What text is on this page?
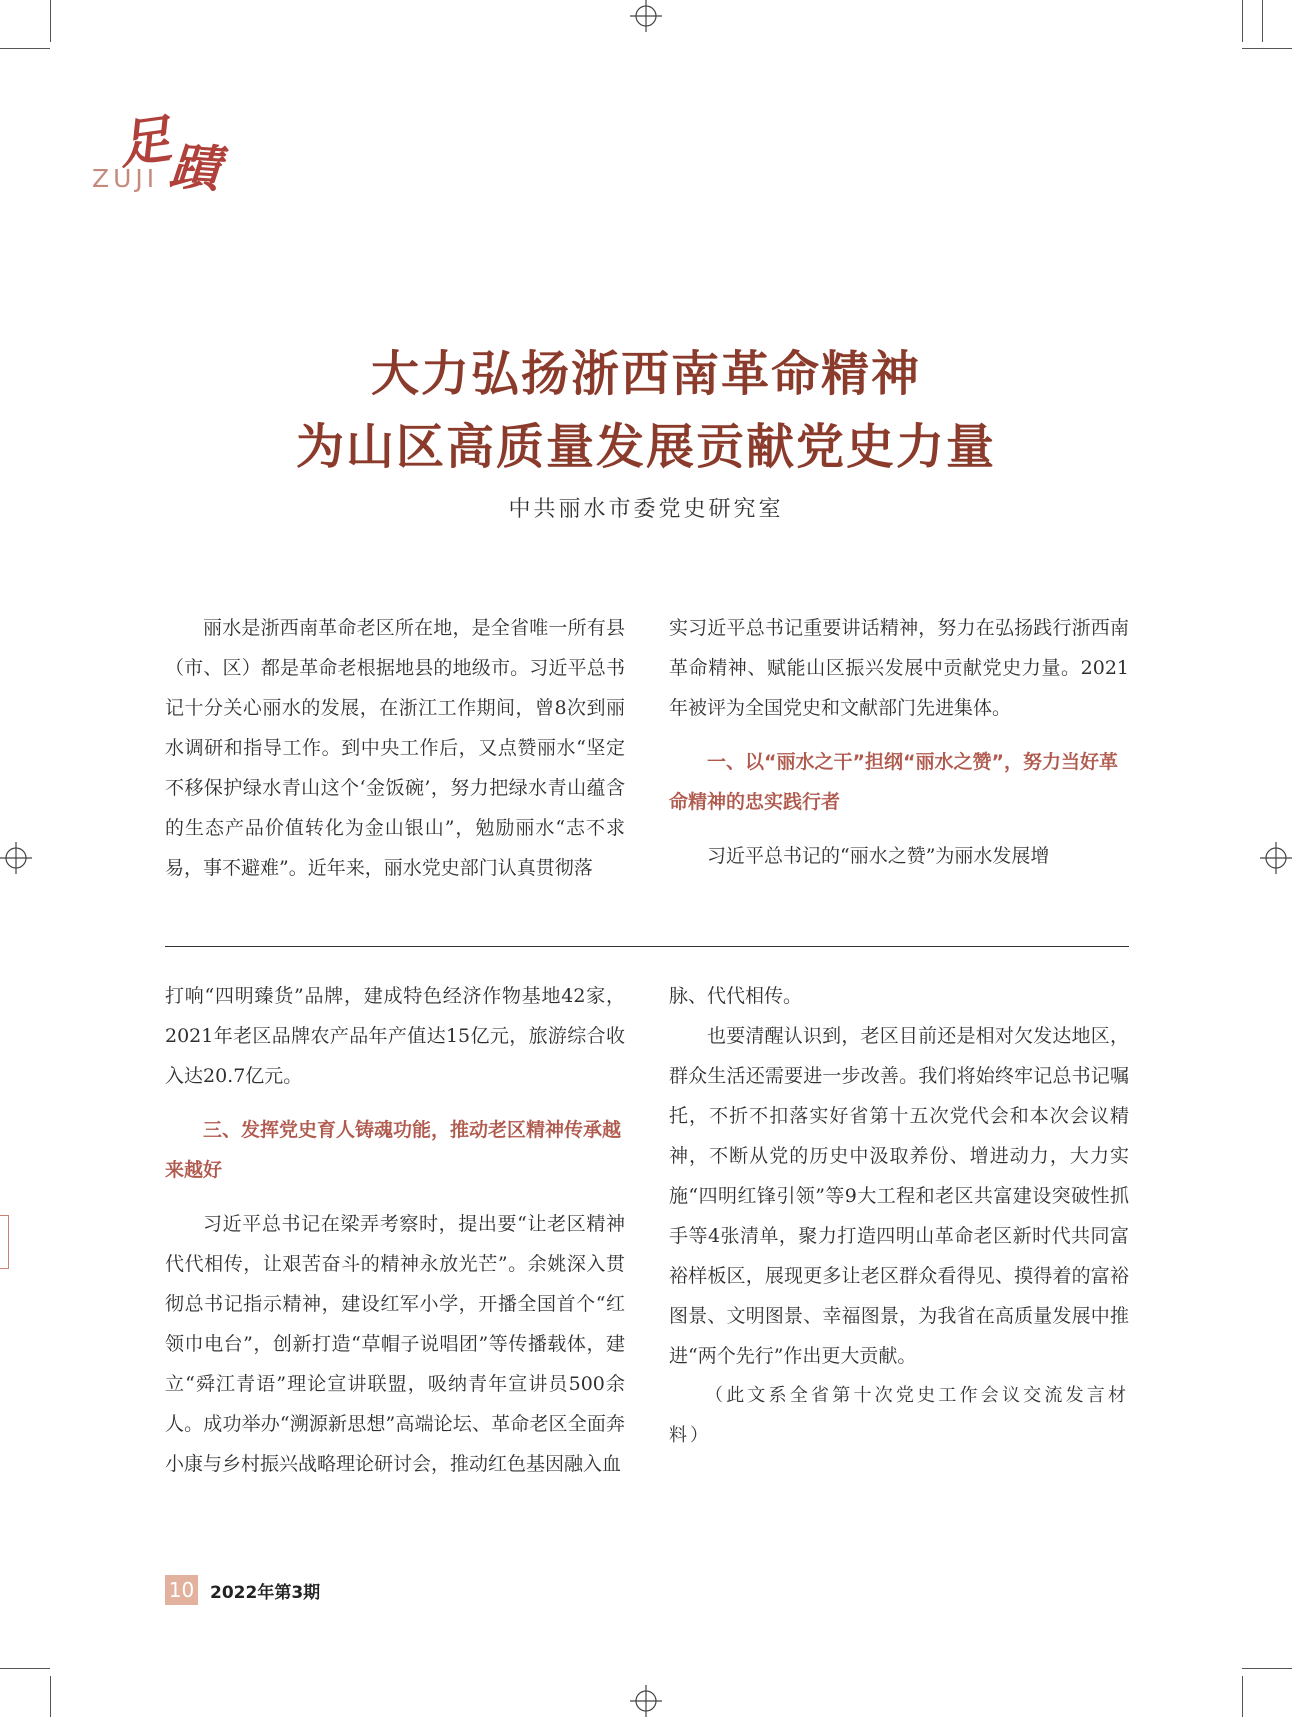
足
蹟
ZUJI
大力弘扬浙西南革命精神
为山区高质量发展贡献党史力量
中共丽水市委党史研究室

丽水是浙西南革命老区所在地，是全省唯一所有县（市、区）都是革命老根据地县的地级市。习近平总书记十分关心丽水的发展，在浙江工作期间，曾8次到丽水调研和指导工作。到中央工作后，又点赞丽水“坚定不移保护绿水青山这个‘金饭碗’，努力把绿水青山蕴含的生态产品价值转化为金山银山”，勉励丽水“志不求易，事不避难”。近年来，丽水党史部门认真贯彻落

实习近平总书记重要讲话精神，努力在弘扬践行浙西南革命精神、赋能山区振兴发展中贡献党史力量。2021年被评为全国党史和文献部门先进集体。

一、以“丽水之干”担纲“丽水之赞”，努力当好革命精神的忠实践行者

习近平总书记的“丽水之赞”为丽水发展增

打响“四明臻货”品牌，建成特色经济作物基地42家，2021年老区品牌农产品年产值达15亿元，旅游综合收入达20.7亿元。

三、发挥党史育人铸魂功能，推动老区精神传承越来越好

习近平总书记在梁弄考察时，提出要“让老区精神代代相传，让艰苦奋斗的精神永放光芒”。余姚深入贯彻总书记指示精神，建设红军小学，开播全国首个“红领巾电台”，创新打造“草帽子说唱团”等传播载体，建立“舜江青语”理论宣讲联盟，吸纳青年宣讲员500余人。成功举办“溯源新思想”高端论坛、革命老区全面奔小康与乡村振兴战略理论研讨会，推动红色基因融入血

脉、代代相传。

也要清醒认识到，老区目前还是相对欠发达地区，群众生活还需要进一步改善。我们将始终牢记总书记嘱托，不折不扣落实好省第十五次党代会和本次会议精神，不断从党的历史中汲取养份、增进动力，大力实施“四明红锋引领”等9大工程和老区共富建设突破性抓手等4张清单，聚力打造四明山革命老区新时代共同富裕样板区，展现更多让老区群众看得见、摸得着的富裕图景、文明图景、幸福图景，为我省在高质量发展中推进“两个先行”作出更大贡献。

（此文系全省第十次党史工作会议交流发言材料）

10 2022年第3期
